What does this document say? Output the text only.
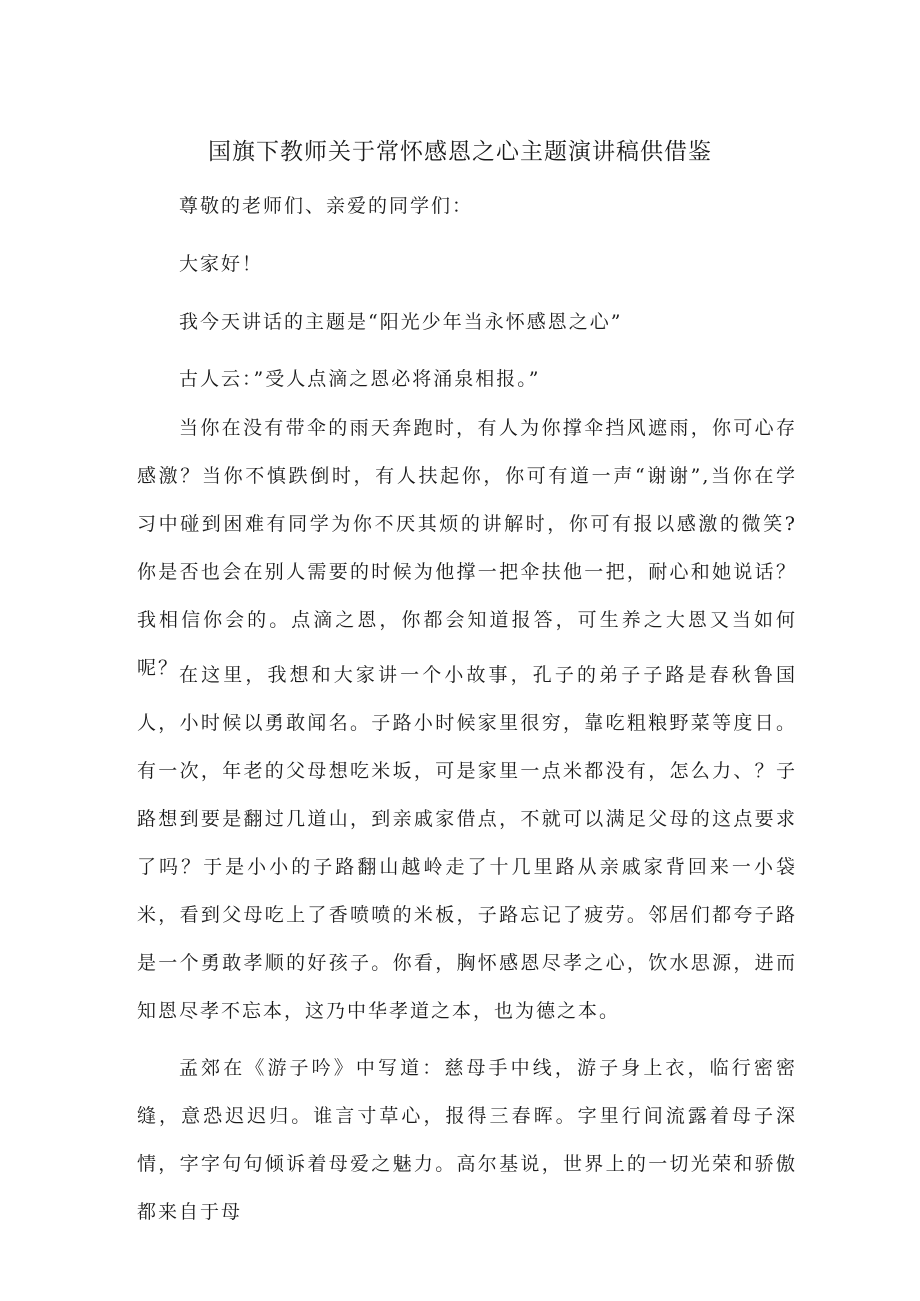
国旗下教师关于常怀感恩之心主题演讲稿供借鉴

尊敬的老师们、亲爱的同学们：

大家好！

我今天讲话的主题是“阳光少年当永怀感恩之心”

古人云：”受人点滴之恩必将涌泉相报。”

当你在没有带伞的雨天奔跑时，有人为你撑伞挡风遮雨，你可心存感激？当你不慎跌倒时，有人扶起你，你可有道一声“谢谢”,当你在学习中碰到困难有同学为你不厌其烦的讲解时，你可有报以感激的微笑?你是否也会在别人需要的时候为他撑一把伞扶他一把，耐心和她说话？我相信你会的。点滴之恩，你都会知道报答，可生养之大恩又当如何呢？ 在这里，我想和大家讲一个小故事，孔子的弟子子路是春秋鲁国人，小时候以勇敢闻名。子路小时候家里很穷，靠吃粗粮野菜等度日。有一次，年老的父母想吃米坂，可是家里一点米都没有，怎么力、？子路想到要是翻过几道山，到亲戚家借点，不就可以满足父母的这点要求了吗？于是小小的子路翻山越岭走了十几里路从亲戚家背回来一小袋米，看到父母吃上了香喷喷的米板，子路忘记了疲劳。邻居们都夸子路是一个勇敢孝顺的好孩子。你看，胸怀感恩尽孝之心，饮水思源，进而知恩尽孝不忘本，这乃中华孝道之本，也为德之本。

孟郊在《游子吟》中写道：慈母手中线，游子身上衣，临行密密缝，意恐迟迟归。谁言寸草心，报得三春晖。字里行间流露着母子深情，字字句句倾诉着母爱之魅力。高尔基说，世界上的一切光荣和骄傲都来自于母
